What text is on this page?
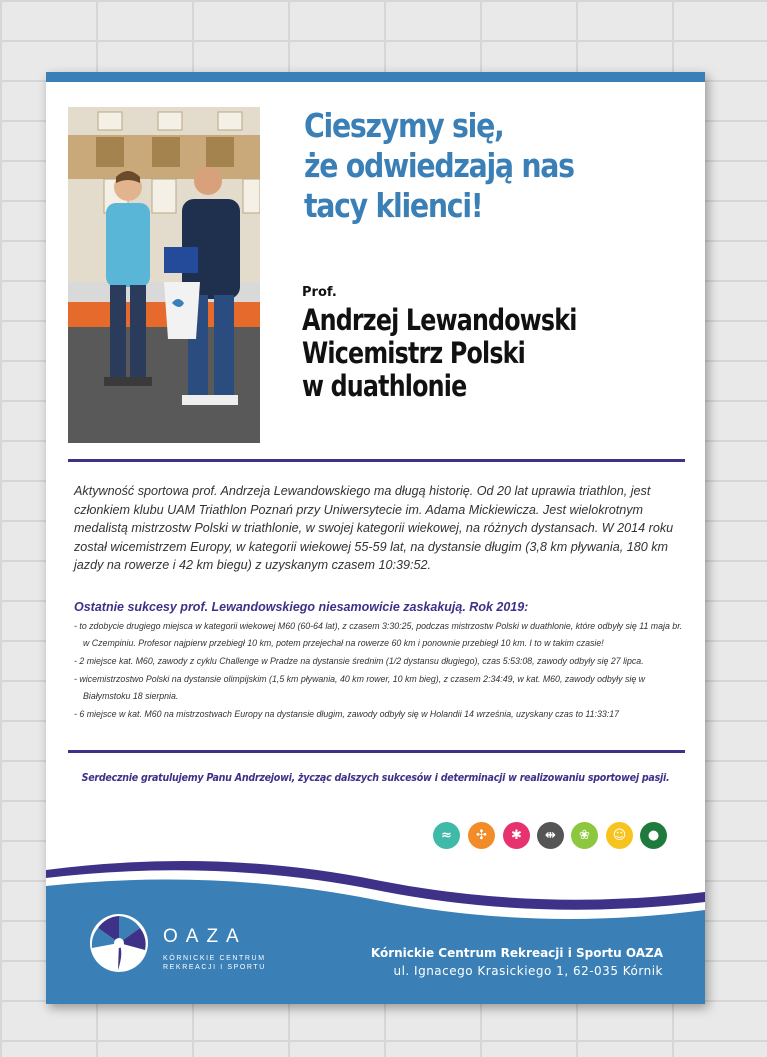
Cieszymy się,
że odwiedzają nas
tacy klienci!

Prof.

Andrzej Lewandowski
Wicemistrz Polski
w duathlonie

Aktywność sportowa prof. Andrzeja Lewandowskiego ma długą historię. Od 20 lat uprawia triathlon, jest członkiem klubu UAM Triathlon Poznań przy Uniwersytecie im. Adama Mickiewicza. Jest wielokrotnym medalistą mistrzostw Polski w triathlonie, w swojej kategorii wiekowej, na różnych dystansach. W 2014 roku został wicemistrzem Europy, w kategorii wiekowej 55-59 lat, na dystansie długim (3,8 km pływania, 180 km jazdy na rowerze i 42 km biegu) z uzyskanym czasem 10:39:52.

Ostatnie sukcesy prof. Lewandowskiego niesamowicie zaskakują. Rok 2019:

- to zdobycie drugiego miejsca w kategorii wiekowej M60 (60-64 lat), z czasem 3:30:25, podczas mistrzostw Polski w duathlonie, które odbyły się 11 maja br. w Czempiniu. Profesor najpierw przebiegł 10 km, potem przejechał na rowerze 60 km i ponownie przebiegł 10 km. I to w takim czasie!
- 2 miejsce kat. M60, zawody z cyklu Challenge w Pradze na dystansie średnim (1/2 dystansu długiego), czas 5:53:08, zawody odbyły się 27 lipca.
- wicemistrzostwo Polski na dystansie olimpijskim (1,5 km pływania, 40 km rower, 10 km bieg), z czasem 2:34:49, w kat. M60, zawody odbyły się w Białymstoku 18 sierpnia.
- 6 miejsce w kat. M60 na mistrzostwach Europy na dystansie długim, zawody odbyły się w Holandii 14 września, uzyskany czas to 11:33:17

Serdecznie gratulujemy Panu Andrzejowi, życząc dalszych sukcesów i determinacji w realizowaniu sportowej pasji.

≈	✣	✱	⇹	❀	☺	●

OAZA

KÓRNICKIE CENTRUM
REKREACJI I SPORTU

Kórnickie Centrum Rekreacji i Sportu OAZA
ul. Ignacego Krasickiego 1, 62-035 Kórnik
